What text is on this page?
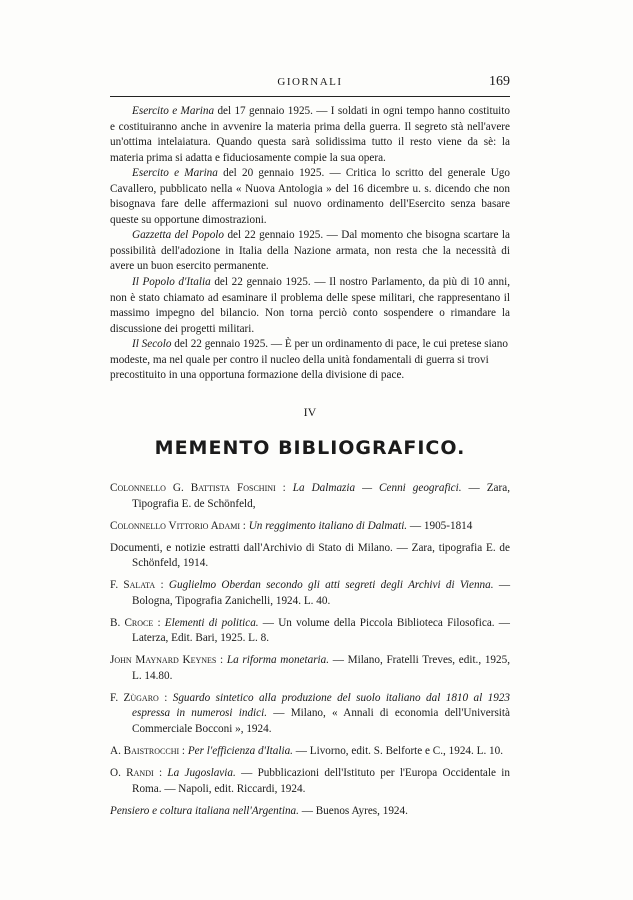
GIORNALI	169

Esercito e Marina del 17 gennaio 1925. — I soldati in ogni tempo hanno costituito e costituiranno anche in avvenire la materia prima della guerra. Il segreto stà nell'avere un'ottima intelaiatura. Quando questa sarà solidissima tutto il resto viene da sè: la materia prima si adatta e fiduciosamente compie la sua opera.

Esercito e Marina del 20 gennaio 1925. — Critica lo scritto del generale Ugo Cavallero, pubblicato nella « Nuova Antologia » del 16 dicembre u. s. dicendo che non bisognava fare delle affermazioni sul nuovo ordinamento dell'Esercito senza basare queste su opportune dimostrazioni.

Gazzetta del Popolo del 22 gennaio 1925. — Dal momento che bisogna scartare la possibilità dell'adozione in Italia della Nazione armata, non resta che la necessità di avere un buon esercito permanente.

Il Popolo d'Italia del 22 gennaio 1925. — Il nostro Parlamento, da più di 10 anni, non è stato chiamato ad esaminare il problema delle spese militari, che rappresentano il massimo impegno del bilancio. Non torna perciò conto sospendere o rimandare la discussione dei progetti militari.

Il Secolo del 22 gennaio 1925. — È per un ordinamento di pace, le cui pretese siano modeste, ma nel quale per contro il nucleo della unità fondamentali di guerra si trovi precostituito in una opportuna formazione della divisione di pace.

IV
MEMENTO BIBLIOGRAFICO.

Colonnello G. Battista Foschini : La Dalmazia — Cenni geografici. — Zara, Tipografia E. de Schönfeld,

Colonnello Vittorio Adami : Un reggimento italiano di Dalmati. — 1905-1814

Documenti, e notizie estratti dall'Archivio di Stato di Milano. — Zara, tipografia E. de Schönfeld, 1914.

F. Salata : Guglielmo Oberdan secondo gli atti segreti degli Archivi di Vienna. — Bologna, Tipografia Zanichelli, 1924. L. 40.

B. Croce : Elementi di politica. — Un volume della Piccola Biblioteca Filosofica. — Laterza, Edit. Bari, 1925. L. 8.

John Maynard Keynes : La riforma monetaria. — Milano, Fratelli Treves, edit., 1925, L. 14.80.

F. Zùgaro : Sguardo sintetico alla produzione del suolo italiano dal 1810 al 1923 espressa in numerosi indici. — Milano, « Annali di economia dell'Università Commerciale Bocconi », 1924.

A. Baistrocchi : Per l'efficienza d'Italia. — Livorno, edit. S. Belforte e C., 1924. L. 10.

O. Randi : La Jugoslavia. — Pubblicazioni dell'Istituto per l'Europa Occidentale in Roma. — Napoli, edit. Riccardi, 1924.

Pensiero e coltura italiana nell'Argentina. — Buenos Ayres, 1924.
